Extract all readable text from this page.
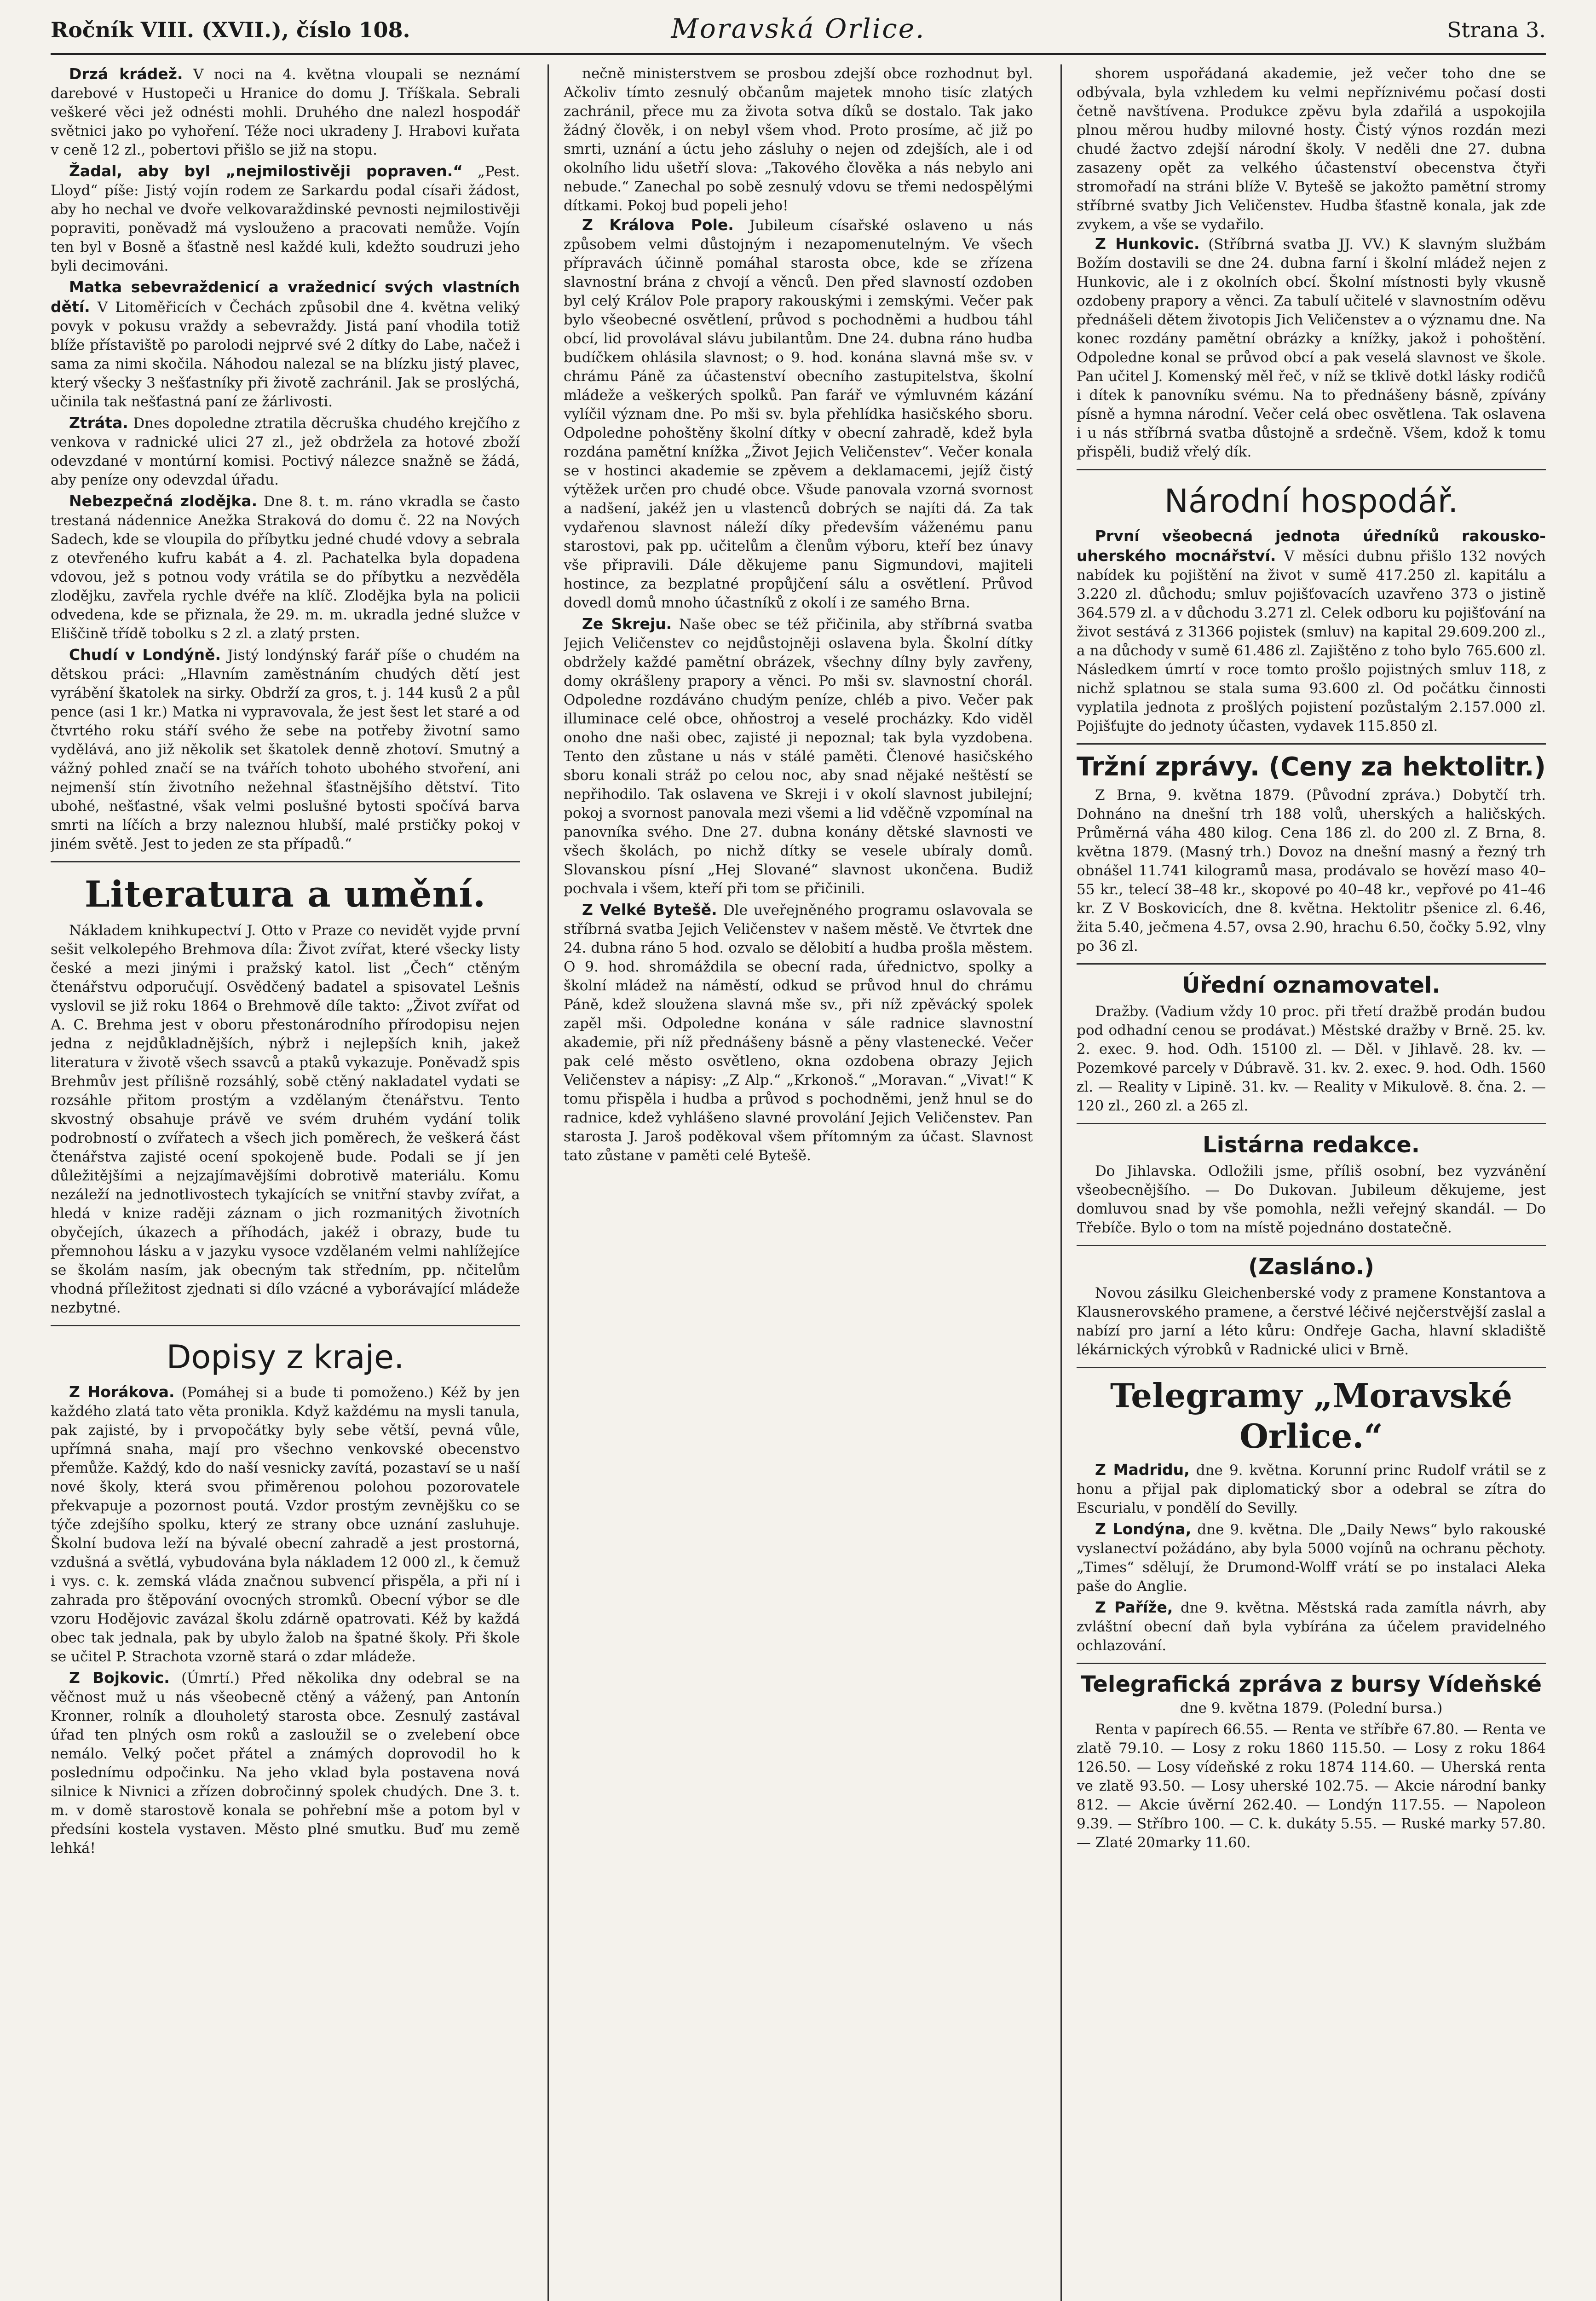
Ročník VIII. (XVII.), číslo 108.	Moravská Orlice.	Strana 3.

Drzá krádež. V noci na 4. května vloupali se neznámí darebové v Hustopeči u Hranice do domu J. Tříškala. Sebrali veškeré věci jež odnésti mohli. Druhého dne nalezl hospodář světnici jako po vyhoření. Téže noci ukradeny J. Hrabovi kuřata v ceně 12 zl., pobertovi přišlo se již na stopu.

Žadal, aby byl „nejmilostivěji popraven.“ „Pest. Lloyd“ píše: Jistý vojín rodem ze Sarkardu podal císaři žádost, aby ho nechal ve dvoře velkovaraždinské pevnosti nejmilostivěji popraviti, poněvadž má vyslouženo a pracovati nemůže. Vojín ten byl v Bosně a šťastně nesl každé kuli, kdežto soudruzi jeho byli decimováni.

Matka sebevraždenicí a vražednicí svých vlastních dětí. V Litoměřicích v Čechách způsobil dne 4. května veliký povyk v pokusu vraždy a sebevraždy. Jistá paní vhodila totiž blíže přístaviště po parolodi nejprvé své 2 dítky do Labe, načež i sama za nimi skočila. Náhodou nalezal se na blízku jistý plavec, který všecky 3 nešťastníky při životě zachránil. Jak se proslýchá, učinila tak nešťastná paní ze žárlivosti.

Ztráta. Dnes dopoledne ztratila děcruška chudého krejčího z venkova v radnické ulici 27 zl., jež obdržela za hotové zboží odevzdané v montúrní komisi. Poctivý nálezce snažně se žádá, aby peníze ony odevzdal úřadu.

Nebezpečná zlodějka. Dne 8. t. m. ráno vkradla se často trestaná nádennice Anežka Straková do domu č. 22 na Nových Sadech, kde se vloupila do příbytku jedné chudé vdovy a sebrala z otevřeného kufru kabát a 4. zl. Pachatelka byla dopadena vdovou, jež s potnou vody vrátila se do příbytku a nezvěděla zlodějku, zavřela rychle dvéře na klíč. Zlodějka byla na policii odvedena, kde se přiznala, že 29. m. m. ukradla jedné služce v Eliščině třídě tobolku s 2 zl. a zlatý prsten.

Chudí v Londýně. Jistý londýnský farář píše o chudém na dětskou práci: „Hlavním zaměstnáním chudých dětí jest vyrábění škatolek na sirky. Obdrží za gros, t. j. 144 kusů 2 a půl pence (asi 1 kr.) Matka ni vypravovala, že jest šest let staré a od čtvrtého roku stáří svého že sebe na potřeby životní samo vydělává, ano již několik set škatolek denně zhotoví. Smutný a vážný pohled značí se na tvářích tohoto ubohého stvoření, ani nejmenší stín životního nežehnal šťastnějšího dětství. Tito ubohé, nešťastné, však velmi poslušné bytosti spočívá barva smrti na líčích a brzy naleznou hlubší, malé prstičky pokoj v jiném světě. Jest to jeden ze sta případů.“

Literatura a umění.

Nákladem knihkupectví J. Otto v Praze co nevidět vyjde první sešit velkolepého Brehmova díla: Život zvířat, které všecky listy české a mezi jinými i pražský katol. list „Čech“ ctěným čtenářstvu odporučují. Osvědčený badatel a spisovatel Lešnis vyslovil se již roku 1864 o Brehmově díle takto: „Život zvířat od A. C. Brehma jest v oboru přestonárodního přírodopisu nejen jedna z nejdůkladnějších, nýbrž i nejlepších knih, jakež literatura v životě všech ssavců a ptaků vykazuje. Poněvadž spis Brehmův jest přílišně rozsáhlý, sobě ctěný nakladatel vydati se rozsáhle přitom prostým a vzdělaným čtenářstvu. Tento skvostný obsahuje právě ve svém druhém vydání tolik podrobností o zvířatech a všech jich poměrech, že veškerá část čtenářstva zajisté ocení spokojeně bude. Podali se jí jen důležitějšími a nejzajímavějšími dobrotivě materiálu. Komu nezáleží na jednotlivostech tykajících se vnitřní stavby zvířat, a hledá v knize raději záznam o jich rozmanitých životních obyčejích, úkazech a příhodách, jakéž i obrazy, bude tu přemnohou lásku a v jazyku vysoce vzdělaném velmi nahlížejíce se školám nasím, jak obecným tak středním, pp. nčitelům vhodná příležitost zjednati si dílo vzácné a vyborávající mládeže nezbytné.

Dopisy z kraje.

Z Horákova. (Pomáhej si a bude ti pomoženo.) Kéž by jen každého zlatá tato věta pronikla. Když každému na mysli tanula, pak zajisté, by i prvopočátky byly sebe větší, pevná vůle, upřímná snaha, mají pro všechno venkovské obecenstvo přemůže. Každý, kdo do naší vesnicky zavítá, pozastaví se u naší nové školy, která svou přiměrenou polohou pozorovatele překvapuje a pozornost poutá. Vzdor prostým zevnějšku co se týče zdejšího spolku, který ze strany obce uznání zasluhuje. Školní budova leží na bývalé obecní zahradě a jest prostorná, vzdušná a světlá, vybudována byla nákladem 12 000 zl., k čemuž i vys. c. k. zemská vláda značnou subvencí přispěla, a při ní i zahrada pro štěpování ovocných stromků. Obecní výbor se dle vzoru Hodějovic zavázal školu zdárně opatrovati. Kéž by každá obec tak jednala, pak by ubylo žalob na špatné školy. Při škole se učitel P. Strachota vzorně stará o zdar mládeže.

Z Bojkovic. (Úmrtí.) Před několika dny odebral se na věčnost muž u nás všeobecně ctěný a vážený, pan Antonín Kronner, rolník a dlouholetý starosta obce. Zesnulý zastával úřad ten plných osm roků a zasloužil se o zvelebení obce nemálo. Velký počet přátel a známých doprovodil ho k poslednímu odpočinku. Na jeho vklad byla postavena nová silnice k Nivnici a zřízen dobročinný spolek chudých. Dne 3. t. m. v domě starostově konala se pohřební mše a potom byl v předsíni kostela vystaven. Město plné smutku. Buď mu země lehká!

nečně ministerstvem se prosbou zdejší obce rozhodnut byl. Ačkoliv tímto zesnulý občanům majetek mnoho tisíc zlatých zachránil, přece mu za života sotva díků se dostalo. Tak jako žádný člověk, i on nebyl všem vhod. Proto prosíme, ač již po smrti, uznání a úctu jeho zásluhy o nejen od zdejších, ale i od okolního lidu ušetří slova: „Takového člověka a nás nebylo ani nebude.“ Zanechal po sobě zesnulý vdovu se třemi nedospělými dítkami. Pokoj bud popeli jeho!

Z Králova Pole. Jubileum císařské oslaveno u nás způsobem velmi důstojným i nezapomenutelným. Ve všech přípravách účinně pomáhal starosta obce, kde se zřízena slavnostní brána z chvojí a věnců. Den před slavností ozdoben byl celý Králov Pole prapory rakouskými i zemskými. Večer pak bylo všeobecné osvětlení, průvod s pochodněmi a hudbou táhl obcí, lid provolával slávu jubilantům. Dne 24. dubna ráno hudba budíčkem ohlásila slavnost; o 9. hod. konána slavná mše sv. v chrámu Páně za účastenství obecního zastupitelstva, školní mládeže a veškerých spolků. Pan farář ve výmluvném kázání vylíčil význam dne. Po mši sv. byla přehlídka hasičského sboru. Odpoledne pohoštěny školní dítky v obecní zahradě, kdež byla rozdána pamětní knížka „Život Jejich Veličenstev“. Večer konala se v hostinci akademie se zpěvem a deklamacemi, jejíž čistý výtěžek určen pro chudé obce. Všude panovala vzorná svornost a nadšení, jakéž jen u vlastenců dobrých se najíti dá. Za tak vydařenou slavnost náleží díky především váženému panu starostovi, pak pp. učitelům a členům výboru, kteří bez únavy vše připravili. Dále děkujeme panu Sigmundovi, majiteli hostince, za bezplatné propůjčení sálu a osvětlení. Průvod dovedl domů mnoho účastníků z okolí i ze samého Brna.

Ze Skreju. Naše obec se též přičinila, aby stříbrná svatba Jejich Veličenstev co nejdůstojněji oslavena byla. Školní dítky obdržely každé pamětní obrázek, všechny dílny byly zavřeny, domy okrášleny prapory a věnci. Po mši sv. slavnostní chorál. Odpoledne rozdáváno chudým peníze, chléb a pivo. Večer pak illuminace celé obce, ohňostroj a veselé procházky. Kdo viděl onoho dne naši obec, zajisté ji nepoznal; tak byla vyzdobena. Tento den zůstane u nás v stálé paměti. Členové hasičského sboru konali stráž po celou noc, aby snad nějaké neštěstí se nepřihodilo. Tak oslavena ve Skreji i v okolí slavnost jubilejní; pokoj a svornost panovala mezi všemi a lid vděčně vzpomínal na panovníka svého. Dne 27. dubna konány dětské slavnosti ve všech školách, po nichž dítky se vesele ubíraly domů. Slovanskou písní „Hej Slované“ slavnost ukončena. Budiž pochvala i všem, kteří při tom se přičinili.

Z Velké Bytešě. Dle uveřejněného programu oslavovala se stříbrná svatba Jejich Veličenstev v našem městě. Ve čtvrtek dne 24. dubna ráno 5 hod. ozvalo se dělobití a hudba prošla městem. O 9. hod. shromáždila se obecní rada, úřednictvo, spolky a školní mládež na náměstí, odkud se průvod hnul do chrámu Páně, kdež sloužena slavná mše sv., při níž zpěvácký spolek zapěl mši. Odpoledne konána v sále radnice slavnostní akademie, při níž přednášeny básně a pěny vlastenecké. Večer pak celé město osvětleno, okna ozdobena obrazy Jejich Veličenstev a nápisy: „Z Alp.“ „Krkonoš.“ „Moravan.“ „Vivat!“ K tomu přispěla i hudba a průvod s pochodněmi, jenž hnul se do radnice, kdež vyhlášeno slavné provolání Jejich Veličenstev. Pan starosta J. Jaroš poděkoval všem přítomným za účast. Slavnost tato zůstane v paměti celé Bytešě.

shorem uspořádaná akademie, jež večer toho dne se odbývala, byla vzhledem ku velmi nepříznivému počasí dosti četně navštívena. Produkce zpěvu byla zdařilá a uspokojila plnou měrou hudby milovné hosty. Čistý výnos rozdán mezi chudé žactvo zdejší národní školy. V neděli dne 27. dubna zasazeny opět za velkého účastenství obecenstva čtyři stromořadí na stráni blíže V. Bytešě se jakožto pamětní stromy stříbrné svatby Jich Veličenstev. Hudba šťastně konala, jak zde zvykem, a vše se vydařilo.

Z Hunkovic. (Stříbrná svatba JJ. VV.) K slavným službám Božím dostavili se dne 24. dubna farní i školní mládež nejen z Hunkovic, ale i z okolních obcí. Školní místnosti byly vkusně ozdobeny prapory a věnci. Za tabulí učitelé v slavnostním oděvu přednášeli dětem životopis Jich Veličenstev a o významu dne. Na konec rozdány pamětní obrázky a knížky, jakož i pohoštění. Odpoledne konal se průvod obcí a pak veselá slavnost ve škole. Pan učitel J. Komenský měl řeč, v níž se tklivě dotkl lásky rodičů i dítek k panovníku svému. Na to přednášeny básně, zpívány písně a hymna národní. Večer celá obec osvětlena. Tak oslavena i u nás stříbrná svatba důstojně a srdečně. Všem, kdož k tomu přispěli, budiž vřelý dík.

Národní hospodář.

První všeobecná jednota úředníků rakousko-uherského mocnářství. V měsíci dubnu přišlo 132 nových nabídek ku pojištění na život v sumě 417.250 zl. kapitálu a 3.220 zl. důchodu; smluv pojišťovacích uzavřeno 373 o jistině 364.579 zl. a v důchodu 3.271 zl. Celek odboru ku pojišťování na život sestává z 31366 pojistek (smluv) na kapital 29.609.200 zl., a na důchody v sumě 61.486 zl. Zajištěno z toho bylo 765.600 zl. Následkem úmrtí v roce tomto prošlo pojistných smluv 118, z nichž splatnou se stala suma 93.600 zl. Od počátku činnosti vyplatila jednota z prošlých pojistení pozůstalým 2.157.000 zl. Pojišťujte do jednoty účasten, vydavek 115.850 zl.

Tržní zprávy. (Ceny za hektolitr.)

Z Brna, 9. května 1879. (Původní zpráva.) Dobytčí trh. Dohnáno na dnešní trh 188 volů, uherských a haličských. Průměrná váha 480 kilog. Cena 186 zl. do 200 zl. Z Brna, 8. května 1879. (Masný trh.) Dovoz na dnešní masný a řezný trh obnášel 11.741 kilogramů masa, prodávalo se hovězí maso 40–55 kr., telecí 38–48 kr., skopové po 40–48 kr., vepřové po 41–46 kr. Z V Boskovicích, dne 8. května. Hektolitr pšenice zl. 6.46, žita 5.40, ječmena 4.57, ovsa 2.90, hrachu 6.50, čočky 5.92, vlny po 36 zl.

Úřední oznamovatel.

Dražby. (Vadium vždy 10 proc. při třetí dražbě prodán budou pod odhadní cenou se prodávat.) Městské dražby v Brně. 25. kv. 2. exec. 9. hod. Odh. 15100 zl. — Děl. v Jihlavě. 28. kv. — Pozemkové parcely v Dúbravě. 31. kv. 2. exec. 9. hod. Odh. 1560 zl. — Reality v Lipině. 31. kv. — Reality v Mikulově. 8. čna. 2. — 120 zl., 260 zl. a 265 zl.

Listárna redakce.

Do Jihlavska. Odložili jsme, příliš osobní, bez vyzvánění všeobecnějšího. — Do Dukovan. Jubileum děkujeme, jest domluvou snad by vše pomohla, nežli veřejný skandál. — Do Třebíče. Bylo o tom na místě pojednáno dostatečně.

(Zasláno.)

Novou zásilku Gleichenberské vody z pramene Konstantova a Klausnerovského pramene, a čerstvé léčivé nejčerstvější zaslal a nabízí pro jarní a léto kůru: Ondřeje Gacha, hlavní skladiště lékárnických výrobků v Radnické ulici v Brně.

Telegramy „Moravské Orlice.“

Z Madridu, dne 9. května. Korunní princ Rudolf vrátil se z honu a přijal pak diplomatický sbor a odebral se zítra do Escurialu, v pondělí do Sevilly.

Z Londýna, dne 9. května. Dle „Daily News“ bylo rakouské vyslanectví požádáno, aby byla 5000 vojínů na ochranu pěchoty. „Times“ sdělují, že Drumond-Wolff vrátí se po instalaci Aleka paše do Anglie.

Z Paříže, dne 9. května. Městská rada zamítla návrh, aby zvláštní obecní daň byla vybírána za účelem pravidelného ochlazování.

Telegrafická zpráva z bursy Vídeňské
dne 9. května 1879. (Polední bursa.)

Renta v papírech 66.55. — Renta ve stříbře 67.80. — Renta ve zlatě 79.10. — Losy z roku 1860 115.50. — Losy z roku 1864 126.50. — Losy vídeňské z roku 1874 114.60. — Uherská renta ve zlatě 93.50. — Losy uherské 102.75. — Akcie národní banky 812. — Akcie úvěrní 262.40. — Londýn 117.55. — Napoleon 9.39. — Stříbro 100. — C. k. dukáty 5.55. — Ruské marky 57.80. — Zlaté 20marky 11.60.
